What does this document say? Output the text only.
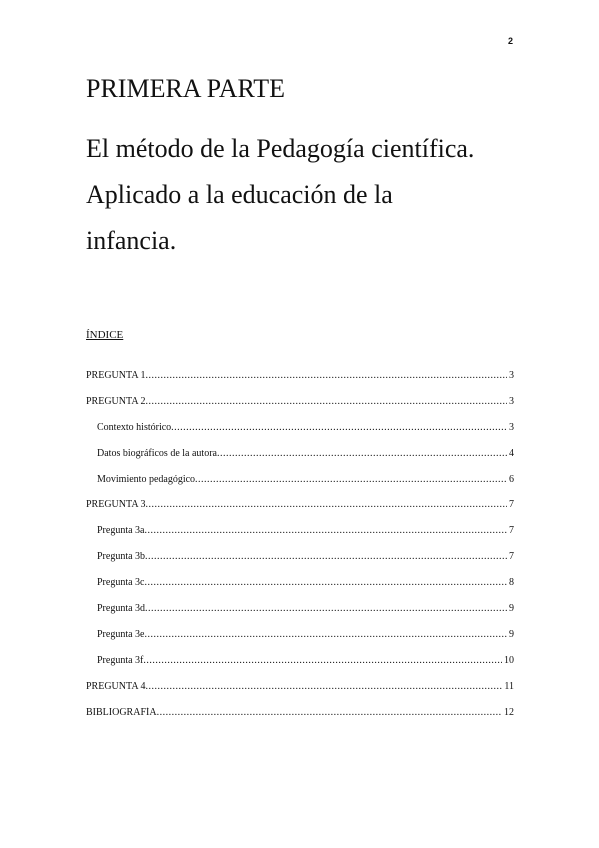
2
PRIMERA PARTE
El método de la Pedagogía científica.
Aplicado a la educación de la
infancia.
ÍNDICE
PREGUNTA 1 .....	3
PREGUNTA 2 .....	3
Contexto histórico .....	3
Datos biográficos de la autora .....	4
Movimiento pedagógico .....	6
PREGUNTA 3 .....	7
Pregunta 3a .....	7
Pregunta 3b .....	7
Pregunta 3c .....	8
Pregunta 3d .....	9
Pregunta 3e .....	9
Pregunta 3f .....	10
PREGUNTA 4 .....	11
BIBLIOGRAFÍA .....	12
